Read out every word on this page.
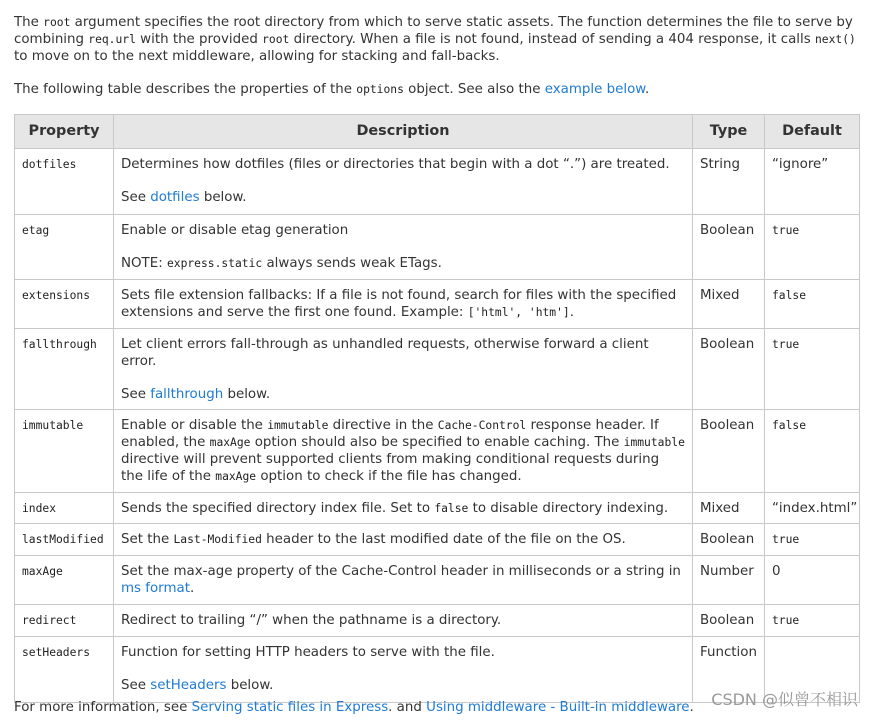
The root argument specifies the root directory from which to serve static assets. The function determines the file to serve by combining req.url with the provided root directory. When a file is not found, instead of sending a 404 response, it calls next() to move on to the next middleware, allowing for stacking and fall-backs.

The following table describes the properties of the options object. See also the example below.

Property	Description	Type	Default
dotfiles	Determines how dotfiles (files or directories that begin with a dot “.”) are treated.
See dotfiles below.	String	“ignore”
etag	Enable or disable etag generation
NOTE: express.static always sends weak ETags.	Boolean	true
extensions	Sets file extension fallbacks: If a file is not found, search for files with the specified extensions and serve the first one found. Example: ['html', 'htm'].	Mixed	false
fallthrough	Let client errors fall-through as unhandled requests, otherwise forward a client error.
See fallthrough below.	Boolean	true
immutable	Enable or disable the immutable directive in the Cache-Control response header. If enabled, the maxAge option should also be specified to enable caching. The immutable directive will prevent supported clients from making conditional requests during the life of the maxAge option to check if the file has changed.	Boolean	false
index	Sends the specified directory index file. Set to false to disable directory indexing.	Mixed	“index.html”
lastModified	Set the Last-Modified header to the last modified date of the file on the OS.	Boolean	true
maxAge	Set the max-age property of the Cache-Control header in milliseconds or a string in ms format.	Number	0
redirect	Redirect to trailing “/” when the pathname is a directory.	Boolean	true
setHeaders	Function for setting HTTP headers to serve with the file.
See setHeaders below.	Function	

For more information, see Serving static files in Express. and Using middleware - Built-in middleware. CSDN @似曾不相识
